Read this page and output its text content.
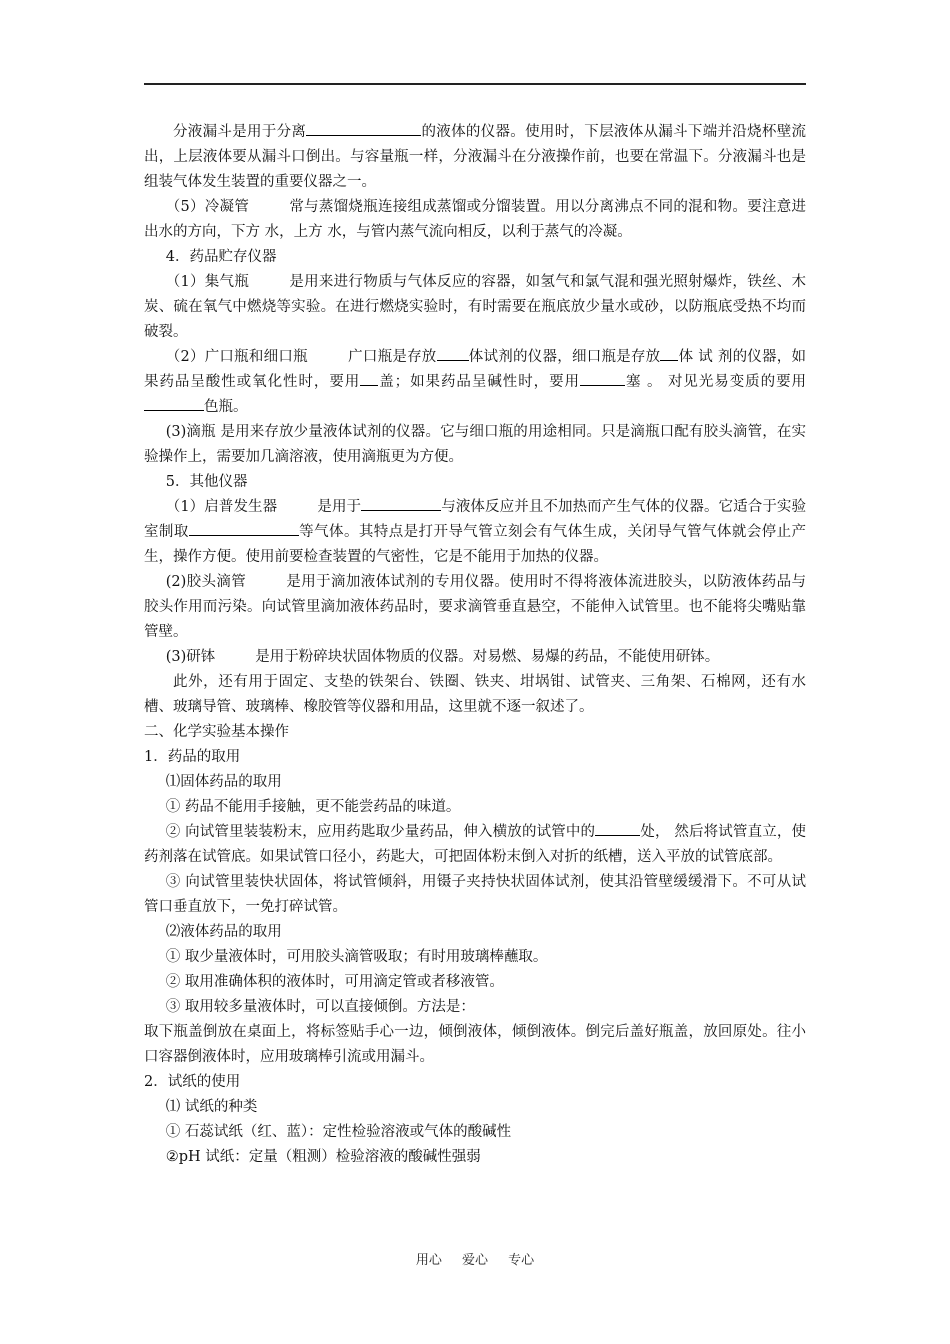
分液漏斗是用于分离	的液体的仪器。使用时，下层液体从漏斗下端并沿烧杯壁流出，上层液体要从漏斗口倒出。与容量瓶一样，分液漏斗在分液操作前，也要在常温下。分液漏斗也是组装气体发生装置的重要仪器之一。

（5）冷凝管	常与蒸馏烧瓶连接组成蒸馏或分馏装置。用以分离沸点不同的混和物。要注意进出水的方向，下方 水，上方 水，与管内蒸气流向相反，以利于蒸气的冷凝。

4．药品贮存仪器

（1）集气瓶	是用来进行物质与气体反应的容器，如氢气和氯气混和强光照射爆炸，铁丝、木炭、硫在氧气中燃烧等实验。在进行燃烧实验时，有时需要在瓶底放少量水或砂，以防瓶底受热不均而破裂。

（2）广口瓶和细口瓶	广口瓶是存放 体试剂的仪器，细口瓶是存放 体 试 剂的仪器，如果药品呈酸性或氧化性时，要用 盖；如果药品呈碱性时，要用	塞 。 对见光易变质的要用色瓶。

(3)滴瓶 是用来存放少量液体试剂的仪器。它与细口瓶的用途相同。只是滴瓶口配有胶头滴管，在实验操作上，需要加几滴溶液，使用滴瓶更为方便。

5．其他仪器

（1）启普发生器	是用于	与液体反应并且不加热而产生气体的仪器。它适合于实验室制取	等气体。其特点是打开导气管立刻会有气体生成，关闭导气管气体就会停止产生，操作方便。使用前要检查装置的气密性，它是不能用于加热的仪器。

(2)胶头滴管	是用于滴加液体试剂的专用仪器。使用时不得将液体流进胶头，以防液体药品与胶头作用而污染。向试管里滴加液体药品时，要求滴管垂直悬空，不能伸入试管里。也不能将尖嘴贴靠管壁。

(3)研钵	是用于粉碎块状固体物质的仪器。对易燃、易爆的药品，不能使用研钵。

此外，还有用于固定、支垫的铁架台、铁圈、铁夹、坩埚钳、试管夹、三角架、石棉网，还有水槽、玻璃导管、玻璃棒、橡胶管等仪器和用品，这里就不逐一叙述了。

二、化学实验基本操作

1．药品的取用

⑴固体药品的取用

① 药品不能用手接触，更不能尝药品的味道。

② 向试管里装装粉末，应用药匙取少量药品，伸入横放的试管中的	处， 然后将试管直立，使药剂落在试管底。如果试管口径小，药匙大，可把固体粉末倒入对折的纸槽，送入平放的试管底部。

③ 向试管里装快状固体，将试管倾斜，用镊子夹持快状固体试剂，使其沿管壁缓缓滑下。不可从试管口垂直放下，一免打碎试管。

⑵液体药品的取用

① 取少量液体时，可用胶头滴管吸取；有时用玻璃棒蘸取。

② 取用准确体积的液体时，可用滴定管或者移液管。

③ 取用较多量液体时，可以直接倾倒。方法是：

取下瓶盖倒放在桌面上，将标签贴手心一边，倾倒液体，倾倒液体。倒完后盖好瓶盖，放回原处。往小口容器倒液体时，应用玻璃棒引流或用漏斗。

2．试纸的使用

⑴ 试纸的种类

① 石蕊试纸（红、蓝）：定性检验溶液或气体的酸碱性

②pH 试纸：定量（粗测）检验溶液的酸碱性强弱

用心 爱心 专心
